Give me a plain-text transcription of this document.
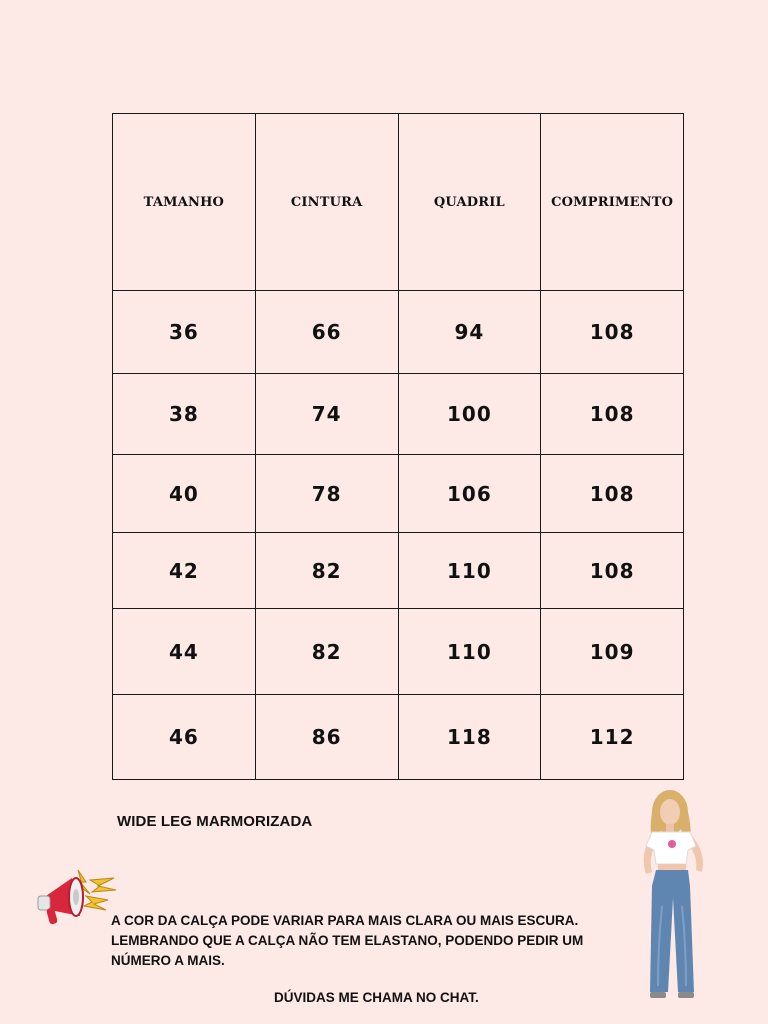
TAMANHO	CINTURA	QUADRIL	COMPRIMENTO
36	66	94	108
38	74	100	108
40	78	106	108
42	82	110	108
44	82	110	109
46	86	118	112
WIDE LEG MARMORIZADA
A COR DA CALÇA PODE VARIAR PARA MAIS CLARA OU MAIS ESCURA. LEMBRANDO QUE A CALÇA NÃO TEM ELASTANO, PODENDO PEDIR UM NÚMERO A MAIS.
DÚVIDAS ME CHAMA NO CHAT.
